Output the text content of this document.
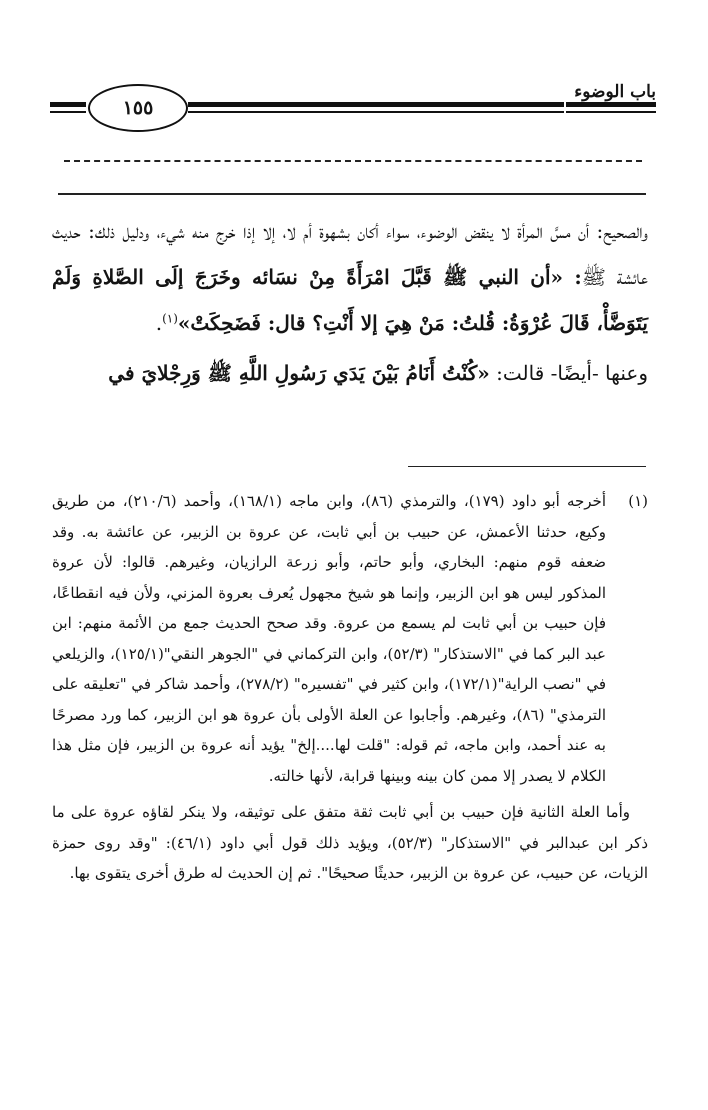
باب الوضوء
١٥٥

والصحيح: أن مسَّ المرأة لا ينقض الوضوء، سواء أكان بشهوة أم لا، إلا إذا خرج منه شيء، ودليل ذلك: حديث عائشة ﷺ: «أن النبي ﷺ قَبَّلَ امْرَأَةً مِنْ نسَائه وخَرَجَ إلَى الصَّلاةِ وَلَمْ يَتَوَضَّأْ، قَالَ عُرْوَةُ: قُلتُ: مَنْ هِيَ إلا أَنْتِ؟ قال: فَضَحِكَتْ»$^{(١)}$.

وعنها -أيضًا- قالت: «كُنْتُ أَنَامُ بَيْنَ يَدَي رَسُولِ اللَّهِ ﷺ وَرِجْلايَ في

(١)

أخرجه أبو داود (١٧٩)، والترمذي (٨٦)، وابن ماجه (١٦٨/١)، وأحمد (٢١٠/٦)، من طريق وكيع، حدثنا الأعمش، عن حبيب بن أبي ثابت، عن عروة بن الزبير، عن عائشة به. وقد ضعفه قوم منهم: البخاري، وأبو حاتم، وأبو زرعة الرازيان، وغيرهم. قالوا: لأن عروة المذكور ليس هو ابن الزبير، وإنما هو شيخ مجهول يُعرف بعروة المزني، ولأن فيه انقطاعًا، فإن حبيب بن أبي ثابت لم يسمع من عروة. وقد صحح الحديث جمع من الأئمة منهم: ابن عبد البر كما في "الاستذكار" (٥٢/٣)، وابن التركماني في "الجوهر النقي"(١٢٥/١)، والزيلعي في "نصب الراية"(١٧٢/١)، وابن كثير في "تفسيره" (٢٧٨/٢)، وأحمد شاكر في "تعليقه على الترمذي" (٨٦)، وغيرهم. وأجابوا عن العلة الأولى بأن عروة هو ابن الزبير، كما ورد مصرحًا به عند أحمد، وابن ماجه، ثم قوله: "قلت لها....إلخ" يؤيد أنه عروة بن الزبير، فإن مثل هذا الكلام لا يصدر إلا ممن كان بينه وبينها قرابة، لأنها خالته.

وأما العلة الثانية فإن حبيب بن أبي ثابت ثقة متفق على توثيقه، ولا ينكر لقاؤه عروة على ما ذكر ابن عبدالبر في "الاستذكار" (٥٢/٣)، ويؤيد ذلك قول أبي داود (٤٦/١): "وقد روى حمزة الزيات، عن حبيب، عن عروة بن الزبير، حديثًا صحيحًا". ثم إن الحديث له طرق أخرى يتقوى بها.
